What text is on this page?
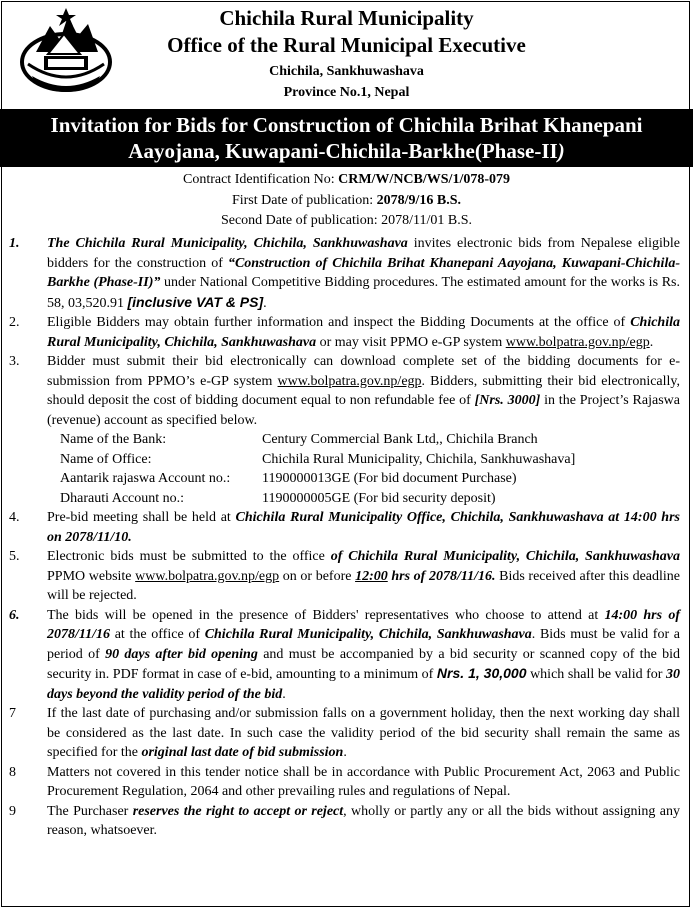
Chichila Rural Municipality
Office of the Rural Municipal Executive
Chichila, Sankhuwashava
Province No.1, Nepal
Invitation for Bids for Construction of Chichila Brihat Khanepani
Aayojana, Kuwapani-Chichila-Barkhe(Phase-II)
Contract Identification No: CRM/W/NCB/WS/1/078-079
First Date of publication: 2078/9/16 B.S.
Second Date of publication: 2078/11/01 B.S.
1.	The Chichila Rural Municipality, Chichila, Sankhuwashava invites electronic bids from Nepalese eligible bidders for the construction of “Construction of Chichila Brihat Khanepani Aayojana, Kuwapani-Chichila-Barkhe (Phase-II)” under National Competitive Bidding procedures. The estimated amount for the works is Rs. 58, 03,520.91 [inclusive VAT & PS].
2.	Eligible Bidders may obtain further information and inspect the Bidding Documents at the office of Chichila Rural Municipality, Chichila, Sankhuwashava or may visit PPMO e-GP system www.bolpatra.gov.np/egp.
3.	Bidder must submit their bid electronically can download complete set of the bidding documents for e-submission from PPMO’s e-GP system www.bolpatra.gov.np/egp. Bidders, submitting their bid electronically, should deposit the cost of bidding document equal to non refundable fee of [Nrs. 3000] in the Project’s Rajaswa (revenue) account as specified below.
Name of the Bank:	Century Commercial Bank Ltd,, Chichila Branch
Name of Office:	Chichila Rural Municipality, Chichila, Sankhuwashava]
Aantarik rajaswa Account no.: 1190000013GE (For bid document Purchase)
Dharauti Account no.:	1190000005GE (For bid security deposit)
4.	Pre-bid meeting shall be held at Chichila Rural Municipality Office, Chichila, Sankhuwashava at 14:00 hrs on 2078/11/10.
5.	Electronic bids must be submitted to the office of Chichila Rural Municipality, Chichila, Sankhuwashava PPMO website www.bolpatra.gov.np/egp on or before 12:00 hrs of 2078/11/16. Bids received after this deadline will be rejected.
6.	The bids will be opened in the presence of Bidders' representatives who choose to attend at 14:00 hrs of 2078/11/16 at the office of Chichila Rural Municipality, Chichila, Sankhuwashava. Bids must be valid for a period of 90 days after bid opening and must be accompanied by a bid security or scanned copy of the bid security in. PDF format in case of e-bid, amounting to a minimum of Nrs. 1, 30,000 which shall be valid for 30 days beyond the validity period of the bid.
7	If the last date of purchasing and/or submission falls on a government holiday, then the next working day shall be considered as the last date. In such case the validity period of the bid security shall remain the same as specified for the original last date of bid submission.
8	Matters not covered in this tender notice shall be in accordance with Public Procurement Act, 2063 and Public Procurement Regulation, 2064 and other prevailing rules and regulations of Nepal.
9	The Purchaser reserves the right to accept or reject, wholly or partly any or all the bids without assigning any reason, whatsoever.
